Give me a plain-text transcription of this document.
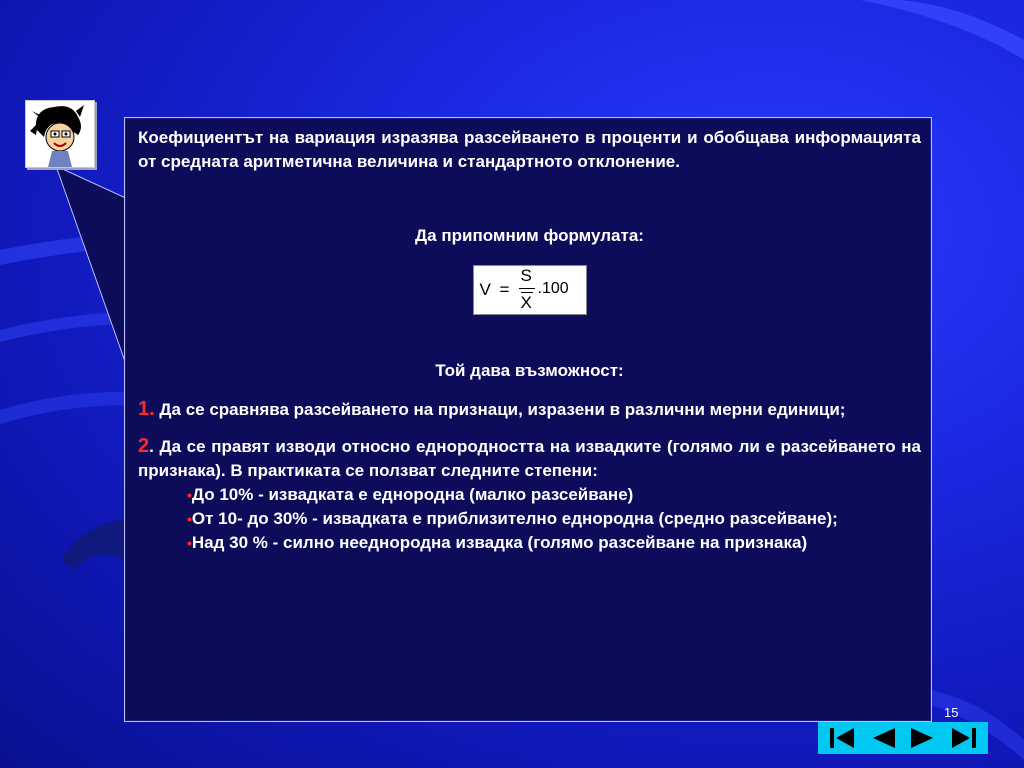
Коефициентът на вариация изразява разсейването в проценти и обобщава информацията от средната аритметична величина и стандартното отклонение.

Да припомним формулата:

V =
S
X
.100

Той дава възможност:

1. Да се сравнява разсейването на признаци, изразени в различни мерни единици;

2. Да се правят изводи относно еднородността на извадките (голямо ли е разсейването на признака). В практиката се ползват следните степени:

•До 10% - извадката е еднородна (малко разсейване)
•От 10- до 30% - извадката е приблизително еднородна (средно разсейване);
•Над 30 % - силно нееднородна извадка (голямо разсейване на признака)
15
